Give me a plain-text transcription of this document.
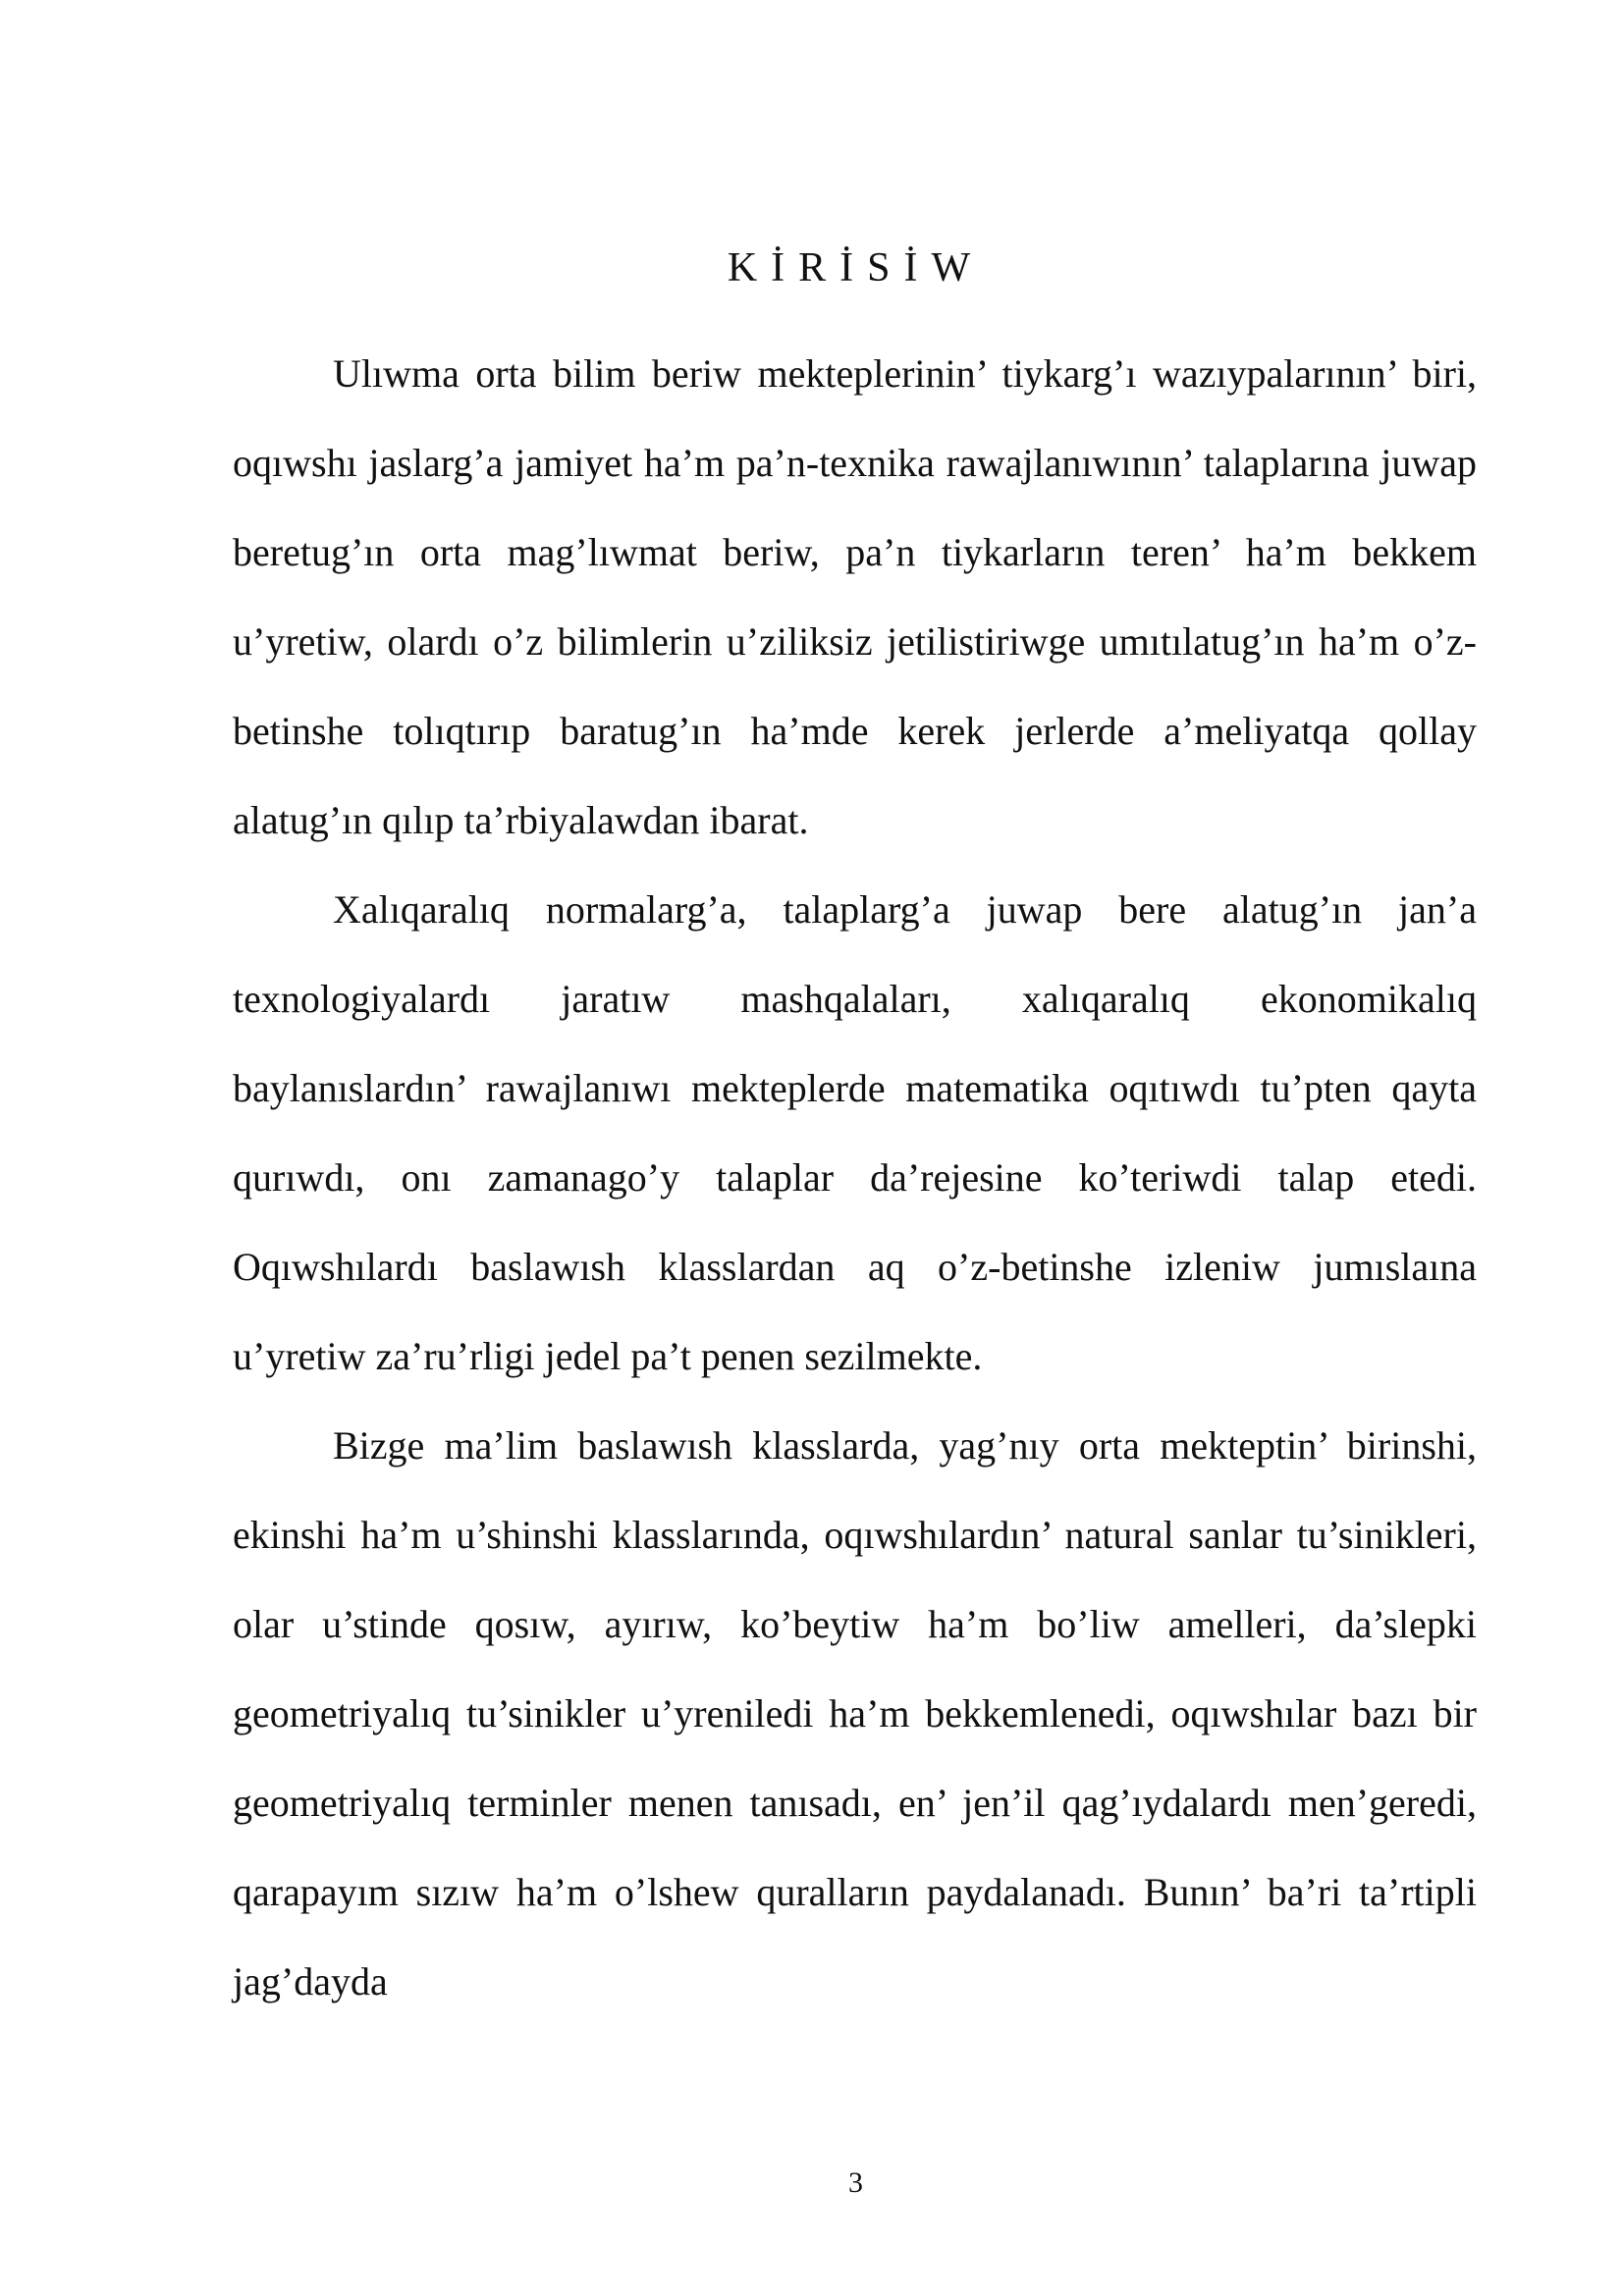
KİRİSİW

Ulıwma orta bilim beriw mekteplerinin’ tiykarg’ı wazıypalarının’ biri, oqıwshı jaslarg’a jamiyet ha’m pa’n-texnika rawajlanıwının’ talaplarına juwap beretug’ın orta mag’lıwmat beriw, pa’n tiykarların teren’ ha’m bekkem u’yretiw, olardı o’z bilimlerin u’ziliksiz jetilistiriwge umıtılatug’ın ha’m o’z-betinshe tolıqtırıp baratug’ın ha’mde kerek jerlerde a’meliyatqa qollay alatug’ın qılıp ta’rbiyalawdan ibarat.

Xalıqaralıq normalarg’a, talaplarg’a juwap bere alatug’ın jan’a texnologiyalardı jaratıw mashqalaları, xalıqaralıq ekonomikalıq baylanıslardın’ rawajlanıwı mekteplerde matematika oqıtıwdı tu’pten qayta qurıwdı, onı zamanago’y talaplar da’rejesine ko’teriwdi talap etedi. Oqıwshılardı baslawısh klasslardan aq o’z-betinshe izleniw jumıslaına u’yretiw za’ru’rligi jedel pa’t penen sezilmekte.

Bizge ma’lim baslawısh klasslarda, yag’nıy orta mekteptin’ birinshi, ekinshi ha’m u’shinshi klasslarında, oqıwshılardın’ natural sanlar tu’sinikleri, olar u’stinde qosıw, ayırıw, ko’beytiw ha’m bo’liw amelleri, da’slepki geometriyalıq tu’sinikler u’yreniledi ha’m bekkemlenedi, oqıwshılar bazı bir geometriyalıq terminler menen tanısadı, en’ jen’il qag’ıydalardı men’geredi, qarapayım sızıw ha’m o’lshew quralların paydalanadı. Bunın’ ba’ri ta’rtipli jag’dayda

3
